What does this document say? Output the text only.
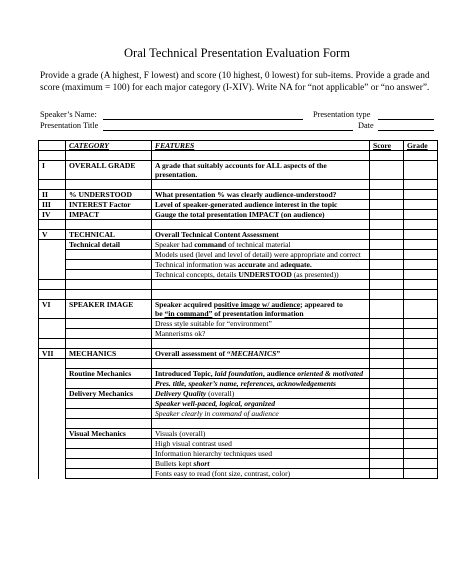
Oral Technical Presentation Evaluation Form
Provide a grade (A highest, F lowest) and score (10 highest, 0 lowest) for sub-items. Provide a grade and score (maximum = 100) for each major category (I-XIV). Write NA for “not applicable” or “no answer”.
Speaker’s Name:
Presentation Title
Presentation type
Date
	CATEGORY	FEATURES	Score	Grade

I	OVERALL GRADE	A grade that suitably accounts for ALL aspects of the
presentation.		

II	% UNDERSTOOD	What presentation % was clearly audience-understood?		
III	INTEREST Factor	Level of speaker-generated audience interest in the topic		
IV	IMPACT	Gauge the total presentation IMPACT (on audience)		

V	TECHNICAL	Overall Technical Content Assessment		
	Technical detail	Speaker had command of technical material		
		Models used (level and level of detail) were appropriate and correct		
		Technical information was accurate and adequate.		
		Technical concepts, details UNDERSTOOD (as presented))		

VI	SPEAKER IMAGE	Speaker acquired positive image w/ audience; appeared to
be “in command” of presentation information		
		Dress style suitable for “environment”		
		Mannerisms ok?		

VII	MECHANICS	Overall assessment of “MECHANICS”		

	Routine Mechanics	Introduced Topic, laid foundation, audience oriented & motivated		
		Pres. title, speaker’s name, references, acknowledgements		
	Delivery Mechanics	Delivery Quality (overall)		
		Speaker well-paced, logical, organized		
		Speaker clearly in command of audience		

	Visual Mechanics	Visuals (overall)		
		High visual contrast used		
		Information hierarchy techniques used		
		Bullets kept short		
		Fonts easy to read (font size, contrast, color)		
